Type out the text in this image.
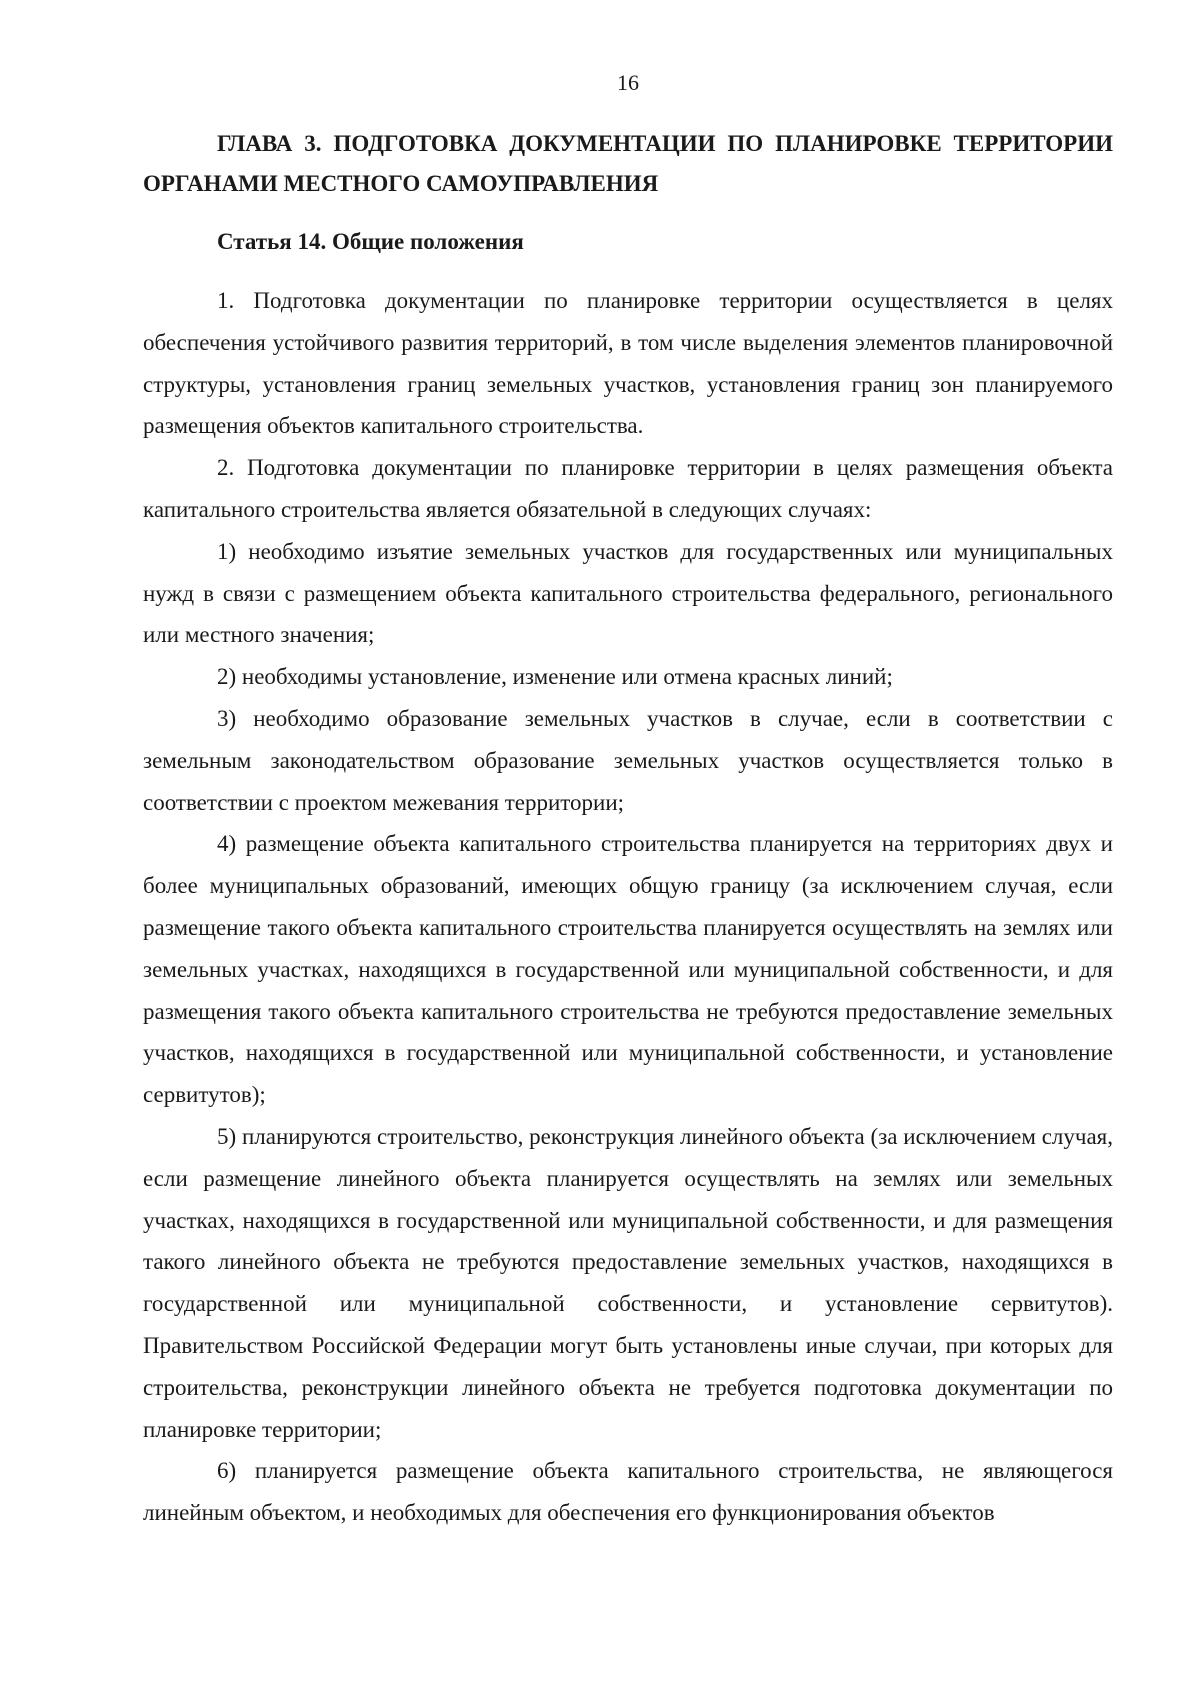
16

ГЛАВА 3. ПОДГОТОВКА ДОКУМЕНТАЦИИ ПО ПЛАНИРОВКЕ ТЕРРИТОРИИ ОРГАНАМИ МЕСТНОГО САМОУПРАВЛЕНИЯ

Статья 14. Общие положения

1. Подготовка документации по планировке территории осуществляется в целях обеспечения устойчивого развития территорий, в том числе выделения элементов планировочной структуры, установления границ земельных участков, установления границ зон планируемого размещения объектов капитального строительства.

2. Подготовка документации по планировке территории в целях размещения объекта капитального строительства является обязательной в следующих случаях:

1) необходимо изъятие земельных участков для государственных или муниципальных нужд в связи с размещением объекта капитального строительства федерального, регионального или местного значения;

2) необходимы установление, изменение или отмена красных линий;

3) необходимо образование земельных участков в случае, если в соответствии с земельным законодательством образование земельных участков осуществляется только в соответствии с проектом межевания территории;

4) размещение объекта капитального строительства планируется на территориях двух и более муниципальных образований, имеющих общую границу (за исключением случая, если размещение такого объекта капитального строительства планируется осуществлять на землях или земельных участках, находящихся в государственной или муниципальной собственности, и для размещения такого объекта капитального строительства не требуются предоставление земельных участков, находящихся в государственной или муниципальной собственности, и установление сервитутов);

5) планируются строительство, реконструкция линейного объекта (за исключением случая, если размещение линейного объекта планируется осуществлять на землях или земельных участках, находящихся в государственной или муниципальной собственности, и для размещения такого линейного объекта не требуются предоставление земельных участков, находящихся в государственной или муниципальной собственности, и установление сервитутов). Правительством Российской Федерации могут быть установлены иные случаи, при которых для строительства, реконструкции линейного объекта не требуется подготовка документации по планировке территории;

6) планируется размещение объекта капитального строительства, не являющегося линейным объектом, и необходимых для обеспечения его функционирования объектов
